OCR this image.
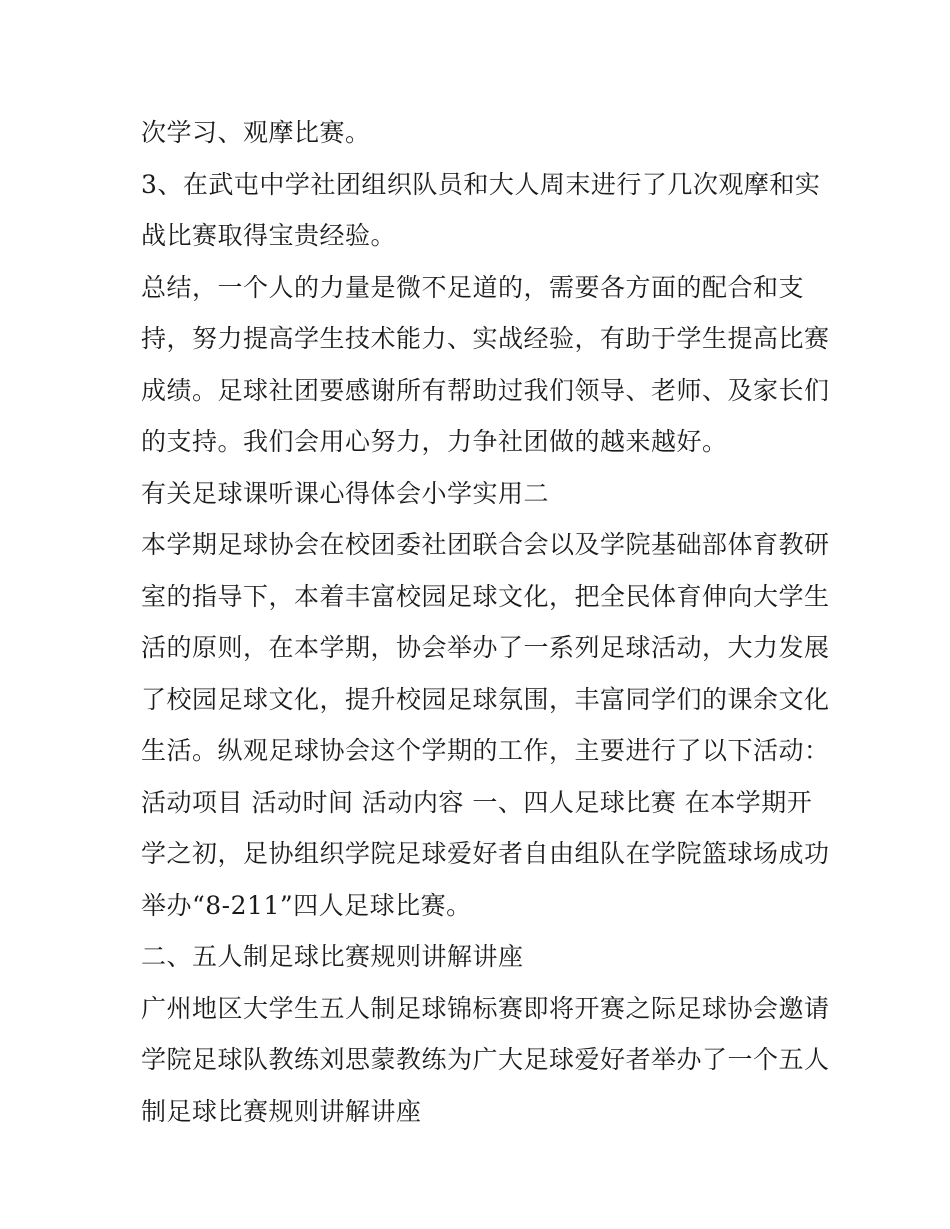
次学习、观摩比赛。
3、在武屯中学社团组织队员和大人周末进行了几次观摩和实
战比赛取得宝贵经验。
总结，一个人的力量是微不足道的，需要各方面的配合和支
持，努力提高学生技术能力、实战经验，有助于学生提高比赛
成绩。足球社团要感谢所有帮助过我们领导、老师、及家长们
的支持。我们会用心努力，力争社团做的越来越好。
有关足球课听课心得体会小学实用二
本学期足球协会在校团委社团联合会以及学院基础部体育教研
室的指导下，本着丰富校园足球文化，把全民体育伸向大学生
活的原则，在本学期，协会举办了一系列足球活动，大力发展
了校园足球文化，提升校园足球氛围，丰富同学们的课余文化
生活。纵观足球协会这个学期的工作，主要进行了以下活动：
活动项目 活动时间 活动内容 一、四人足球比赛 在本学期开
学之初，足协组织学院足球爱好者自由组队在学院篮球场成功
举办“8-211”四人足球比赛。
二、五人制足球比赛规则讲解讲座
广州地区大学生五人制足球锦标赛即将开赛之际足球协会邀请
学院足球队教练刘思蒙教练为广大足球爱好者举办了一个五人
制足球比赛规则讲解讲座
